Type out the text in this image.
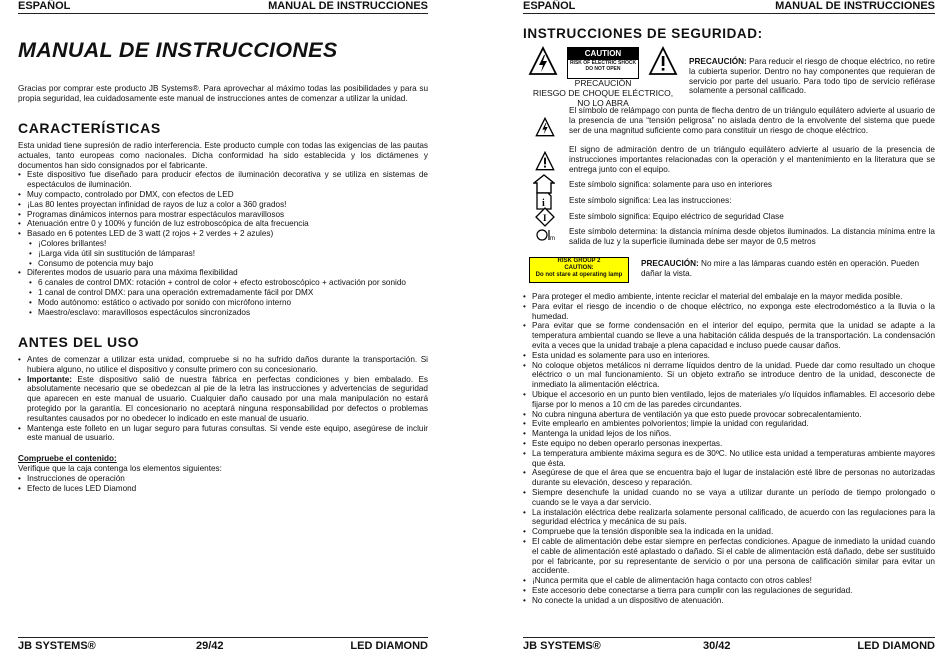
ESPAÑOL	MANUAL DE INSTRUCCIONES
MANUAL DE INSTRUCCIONES

Gracias por comprar este producto JB Systems®. Para aprovechar al máximo todas las posibilidades y para su propia seguridad, lea cuidadosamente este manual de instrucciones antes de comenzar a utilizar la unidad.

CARACTERÍSTICAS

Esta unidad tiene supresión de radio interferencia. Este producto cumple con todas las exigencias de las pautas actuales, tanto europeas como nacionales. Dicha conformidad ha sido establecida y los dictámenes y documentos han sido consignados por el fabricante.

• Este dispositivo fue diseñado para producir efectos de iluminación decorativa y se utiliza en sistemas de espectáculos de iluminación.
• Muy compacto, controlado por DMX, con efectos de LED
• ¡Las 80 lentes proyectan infinidad de rayos de luz a color a 360 grados!
• Programas dinámicos internos para mostrar espectáculos maravillosos
• Atenuación entre 0 y 100% y función de luz estroboscópica de alta frecuencia
• Basado en 6 potentes LED de 3 watt (2 rojos + 2 verdes + 2 azules)
• ¡Colores brillantes!
• ¡Larga vida útil sin sustitución de lámparas!
• Consumo de potencia muy bajo
• Diferentes modos de usuario para una máxima flexibilidad
• 6 canales de control DMX: rotación + control de color + efecto estroboscópico + activación por sonido
• 1 canal de control DMX: para una operación extremadamente fácil por DMX
• Modo autónomo: estático o activado por sonido con micrófono interno
• Maestro/esclavo: maravillosos espectáculos sincronizados
ANTES DEL USO
• Antes de comenzar a utilizar esta unidad, compruebe si no ha sufrido daños durante la transportación. Si hubiera alguno, no utilice el dispositivo y consulte primero con su concesionario.
• Importante: Este dispositivo salió de nuestra fábrica en perfectas condiciones y bien embalado. Es absolutamente necesario que se obedezcan al pie de la letra las instrucciones y advertencias de seguridad que aparecen en este manual de usuario. Cualquier daño causado por una mala manipulación no estará protegido por la garantía. El concesionario no aceptará ninguna responsabilidad por defectos o problemas resultantes causados por no obedecer lo indicado en este manual de usuario.
• Mantenga este folleto en un lugar seguro para futuras consultas. Si vende este equipo, asegúrese de incluir este manual de usuario.

Compruebe el contenido:

Verifique que la caja contenga los elementos siguientes:

• Instrucciones de operación
• Efecto de luces LED Diamond
JB SYSTEMS®	29/42	LED DIAMOND
ESPAÑOL	MANUAL DE INSTRUCCIONES
INSTRUCCIONES DE SEGURIDAD:
CAUTION
RISK OF ELECTRIC SHOCK DO NOT OPEN
PRECAUCIÓN
RIESGO DE CHOQUE ELÉCTRICO,
NO LO ABRA

PRECAUCIÓN: Para reducir el riesgo de choque eléctrico, no retire la cubierta superior. Dentro no hay componentes que requieran de servicio por parte del usuario. Para todo tipo de servicio refiérase solamente a personal calificado.

El símbolo de relámpago con punta de flecha dentro de un triángulo equilátero advierte al usuario de la presencia de una “tensión peligrosa” no aislada dentro de la envolvente del sistema que puede ser de una magnitud suficiente como para constituir un riesgo de choque eléctrico.

El signo de admiración dentro de un triángulo equilátero advierte al usuario de la presencia de instrucciones importantes relacionadas con la operación y el mantenimiento en la literatura que se entrega junto con el equipo.

Este símbolo significa: solamente para uso en interiores

i	Este símbolo significa: Lea las instrucciones:

I	Este símbolo significa: Equipo eléctrico de seguridad Clase

m

Este símbolo determina: la distancia mínima desde objetos iluminados. La distancia mínima entre la salida de luz y la superficie iluminada debe ser mayor de 0,5 metros

RISK GROUP 2
CAUTION:
Do not stare at operating lamp

PRECAUCIÓN: No mire a las lámparas cuando estén en operación. Pueden dañar la vista.

• Para proteger el medio ambiente, intente reciclar el material del embalaje en la mayor medida posible.
• Para evitar el riesgo de incendio o de choque eléctrico, no exponga este electrodoméstico a la lluvia o la humedad.
• Para evitar que se forme condensación en el interior del equipo, permita que la unidad se adapte a la temperatura ambiental cuando se lleve a una habitación cálida después de la transportación. La condensación evita a veces que la unidad trabaje a plena capacidad e incluso puede causar daños.
• Esta unidad es solamente para uso en interiores.
• No coloque objetos metálicos ni derrame líquidos dentro de la unidad. Puede dar como resultado un choque eléctrico o un mal funcionamiento. Si un objeto extraño se introduce dentro de la unidad, desconecte de inmediato la alimentación eléctrica.
• Ubique el accesorio en un punto bien ventilado, lejos de materiales y/o líquidos inflamables. El accesorio debe fijarse por lo menos a 10 cm de las paredes circundantes.
• No cubra ninguna abertura de ventilación ya que esto puede provocar sobrecalentamiento.
• Evite emplearlo en ambientes polvorientos; limpie la unidad con regularidad.
• Mantenga la unidad lejos de los niños.
• Este equipo no deben operarlo personas inexpertas.
• La temperatura ambiente máxima segura es de 30ºC. No utilice esta unidad a temperaturas ambiente mayores que ésta.
• Asegúrese de que el área que se encuentra bajo el lugar de instalación esté libre de personas no autorizadas durante su elevación, desceso y reparación.
• Siempre desenchufe la unidad cuando no se vaya a utilizar durante un período de tiempo prolongado o cuando se le vaya a dar servicio.
• La instalación eléctrica debe realizarla solamente personal calificado, de acuerdo con las regulaciones para la seguridad eléctrica y mecánica de su país.
• Compruebe que la tensión disponible sea la indicada en la unidad.
• El cable de alimentación debe estar siempre en perfectas condiciones. Apague de inmediato la unidad cuando el cable de alimentación esté aplastado o dañado. Si el cable de alimentación está dañado, debe ser sustituido por el fabricante, por su representante de servicio o por una persona de calificación similar para evitar un accidente.
• ¡Nunca permita que el cable de alimentación haga contacto con otros cables!
• Este accesorio debe conectarse a tierra para cumplir con las regulaciones de seguridad.
• No conecte la unidad a un dispositivo de atenuación.
JB SYSTEMS®	30/42	LED DIAMOND
